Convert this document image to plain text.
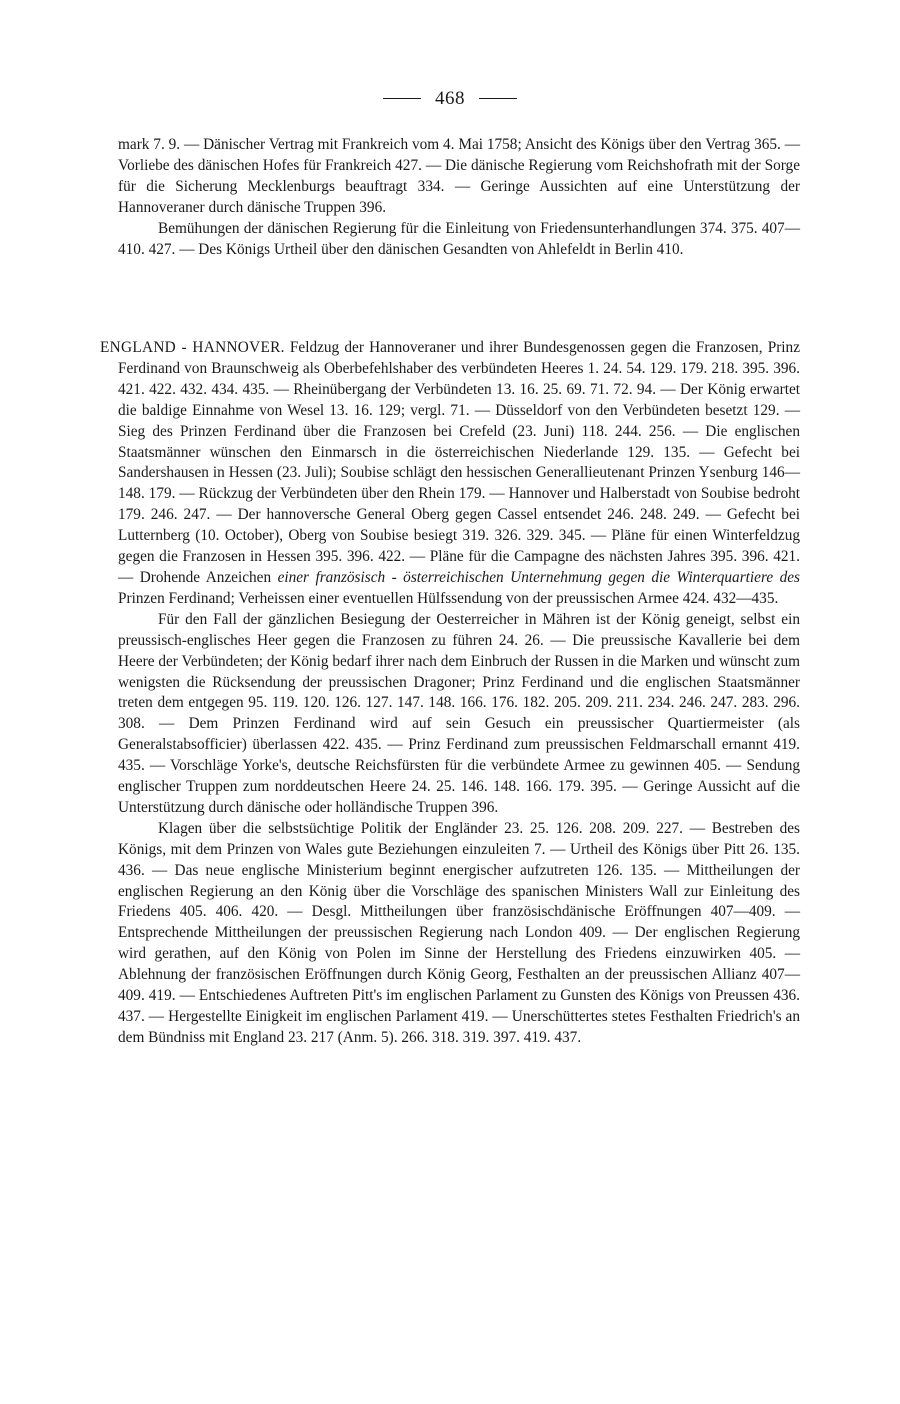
468

mark 7. 9. — Dänischer Vertrag mit Frankreich vom 4. Mai 1758; Ansicht des Königs über den Vertrag 365. — Vorliebe des dänischen Hofes für Frankreich 427. — Die dänische Regierung vom Reichshofrath mit der Sorge für die Sicherung Mecklenburgs beauftragt 334. — Geringe Aussichten auf eine Unterstützung der Hannoveraner durch dänische Truppen 396.

Bemühungen der dänischen Regierung für die Einleitung von Friedensunterhandlungen 374. 375. 407—410. 427. — Des Königs Urtheil über den dänischen Gesandten von Ahlefeldt in Berlin 410.

ENGLAND - HANNOVER. Feldzug der Hannoveraner und ihrer Bundesgenossen gegen die Franzosen, Prinz Ferdinand von Braunschweig als Oberbefehlshaber des verbündeten Heeres 1. 24. 54. 129. 179. 218. 395. 396. 421. 422. 432. 434. 435. — Rheinübergang der Verbündeten 13. 16. 25. 69. 71. 72. 94. — Der König erwartet die baldige Einnahme von Wesel 13. 16. 129; vergl. 71. — Düsseldorf von den Verbündeten besetzt 129. — Sieg des Prinzen Ferdinand über die Franzosen bei Crefeld (23. Juni) 118. 244. 256. — Die englischen Staatsmänner wünschen den Einmarsch in die österreichischen Niederlande 129. 135. — Gefecht bei Sandershausen in Hessen (23. Juli); Soubise schlägt den hessischen Generallieutenant Prinzen Ysenburg 146—148. 179. — Rückzug der Verbündeten über den Rhein 179. — Hannover und Halberstadt von Soubise bedroht 179. 246. 247. — Der hannoversche General Oberg gegen Cassel entsendet 246. 248. 249. — Gefecht bei Lutternberg (10. October), Oberg von Soubise besiegt 319. 326. 329. 345. — Pläne für einen Winterfeldzug gegen die Franzosen in Hessen 395. 396. 422. — Pläne für die Campagne des nächsten Jahres 395. 396. 421. — Drohende Anzeichen einer französisch - österreichischen Unternehmung gegen die Winterquartiere des Prinzen Ferdinand; Verheissen einer eventuellen Hülfssendung von der preussischen Armee 424. 432—435.

Für den Fall der gänzlichen Besiegung der Oesterreicher in Mähren ist der König geneigt, selbst ein preussisch-englisches Heer gegen die Franzosen zu führen 24. 26. — Die preussische Kavallerie bei dem Heere der Verbündeten; der König bedarf ihrer nach dem Einbruch der Russen in die Marken und wünscht zum wenigsten die Rücksendung der preussischen Dragoner; Prinz Ferdinand und die englischen Staatsmänner treten dem entgegen 95. 119. 120. 126. 127. 147. 148. 166. 176. 182. 205. 209. 211. 234. 246. 247. 283. 296. 308. — Dem Prinzen Ferdinand wird auf sein Gesuch ein preussischer Quartiermeister (als Generalstabsofficier) überlassen 422. 435. — Prinz Ferdinand zum preussischen Feldmarschall ernannt 419. 435. — Vorschläge Yorke's, deutsche Reichsfürsten für die verbündete Armee zu gewinnen 405. — Sendung englischer Truppen zum norddeutschen Heere 24. 25. 146. 148. 166. 179. 395. — Geringe Aussicht auf die Unterstützung durch dänische oder holländische Truppen 396.

Klagen über die selbstsüchtige Politik der Engländer 23. 25. 126. 208. 209. 227. — Bestreben des Königs, mit dem Prinzen von Wales gute Beziehungen einzuleiten 7. — Urtheil des Königs über Pitt 26. 135. 436. — Das neue englische Ministerium beginnt energischer aufzutreten 126. 135. — Mittheilungen der englischen Regierung an den König über die Vorschläge des spanischen Ministers Wall zur Einleitung des Friedens 405. 406. 420. — Desgl. Mittheilungen über französischdänische Eröffnungen 407—409. — Entsprechende Mittheilungen der preussischen Regierung nach London 409. — Der englischen Regierung wird gerathen, auf den König von Polen im Sinne der Herstellung des Friedens einzuwirken 405. — Ablehnung der französischen Eröffnungen durch König Georg, Festhalten an der preussischen Allianz 407—409. 419. — Entschiedenes Auftreten Pitt's im englischen Parlament zu Gunsten des Königs von Preussen 436. 437. — Hergestellte Einigkeit im englischen Parlament 419. — Unerschüttertes stetes Festhalten Friedrich's an dem Bündniss mit England 23. 217 (Anm. 5). 266. 318. 319. 397. 419. 437.
